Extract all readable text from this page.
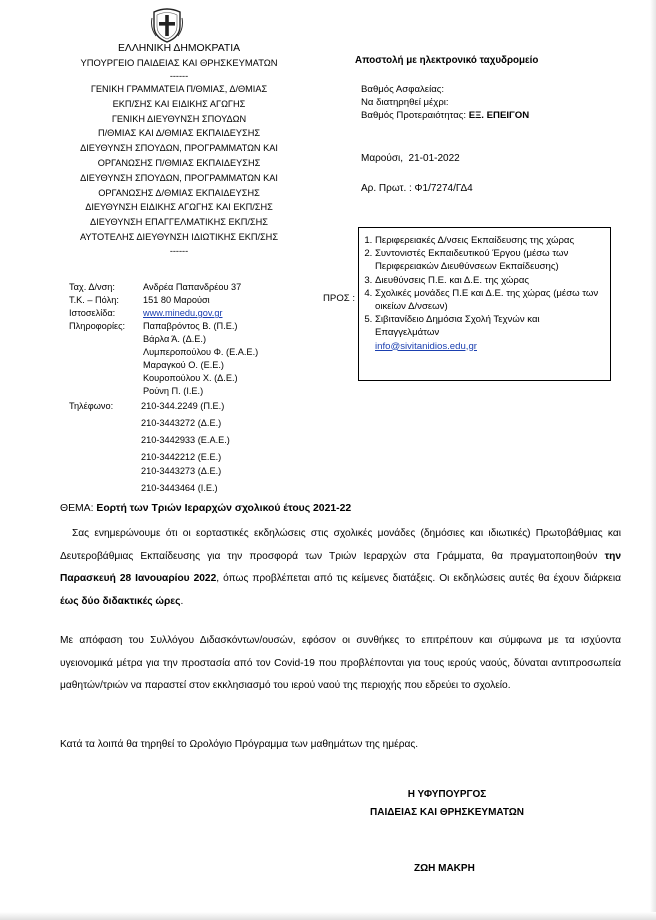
ΕΛΛΗΝΙΚΗ ΔΗΜΟΚΡΑΤΙΑ
ΥΠΟΥΡΓΕΙΟ ΠΑΙΔΕΙΑΣ ΚΑΙ ΘΡΗΣΚΕΥΜΑΤΩΝ
------
ΓΕΝΙΚΗ ΓΡΑΜΜΑΤΕΙΑ Π/ΘΜΙΑΣ, Δ/ΘΜΙΑΣ
ΕΚΠ/ΣΗΣ ΚΑΙ ΕΙΔΙΚΗΣ ΑΓΩΓΗΣ
ΓΕΝΙΚΗ ΔΙΕΥΘΥΝΣΗ ΣΠΟΥΔΩΝ
Π/ΘΜΙΑΣ ΚΑΙ Δ/ΘΜΙΑΣ ΕΚΠΑΙΔΕΥΣΗΣ
ΔΙΕΥΘΥΝΣΗ ΣΠΟΥΔΩΝ, ΠΡΟΓΡΑΜΜΑΤΩΝ ΚΑΙ
ΟΡΓΑΝΩΣΗΣ Π/ΘΜΙΑΣ ΕΚΠΑΙΔΕΥΣΗΣ
ΔΙΕΥΘΥΝΣΗ ΣΠΟΥΔΩΝ, ΠΡΟΓΡΑΜΜΑΤΩΝ ΚΑΙ
ΟΡΓΑΝΩΣΗΣ Δ/ΘΜΙΑΣ ΕΚΠΑΙΔΕΥΣΗΣ
ΔΙΕΥΘΥΝΣΗ ΕΙΔΙΚΗΣ ΑΓΩΓΗΣ ΚΑΙ ΕΚΠ/ΣΗΣ
ΔΙΕΥΘΥΝΣΗ ΕΠΑΓΓΕΛΜΑΤΙΚΗΣ ΕΚΠ/ΣΗΣ
ΑΥΤΟΤΕΛΗΣ ΔΙΕΥΘΥΝΣΗ ΙΔΙΩΤΙΚΗΣ ΕΚΠ/ΣΗΣ
------
Ταχ. Δ/νση:	Ανδρέα Παπανδρέου 37
Τ.Κ. – Πόλη:	151 80 Μαρούσι
Ιστοσελίδα:	www.minedu.gov.gr
Πληροφορίες: Παπαβρόντος Β. (Π.Ε.)
Βάρλα Ά. (Δ.Ε.)
Λυμπεροπούλου Φ. (Ε.Α.Ε.)
Μαραγκού Ο. (Ε.Ε.)
Κουροπούλου Χ. (Δ.Ε.)
Ρούνη Π. (Ι.Ε.)
Τηλέφωνο:	210-344.2249 (Π.Ε.)
210-3443272 (Δ.Ε.)
210-3442933 (Ε.Α.Ε.)
210-3442212 (Ε.Ε.)
210-3443273 (Δ.Ε.)
210-3443464 (Ι.Ε.)
Αποστολή με ηλεκτρονικό ταχυδρομείο
Βαθμός Ασφαλείας:
Να διατηρηθεί μέχρι:
Βαθμός Προτεραιότητας: ΕΞ. ΕΠΕΙΓΟΝ
Μαρούσι,  21-01-2022
Αρ. Πρωτ. : Φ1/7274/ΓΔ4
ΠΡΟΣ :
1. Περιφερειακές Δ/νσεις Εκπαίδευσης της χώρας
2. Συντονιστές Εκπαιδευτικού Έργου (μέσω των Περιφερειακών Διευθύνσεων Εκπαίδευσης)
3. Διευθύνσεις Π.Ε. και Δ.Ε. της χώρας
4. Σχολικές μονάδες Π.Ε και Δ.Ε. της χώρας (μέσω των οικείων Δ/νσεων)
5. Σιβιτανίδειο Δημόσια Σχολή Τεχνών και Επαγγελμάτων
info@sivitanidios.edu,gr
ΘΕΜΑ: Εορτή των Τριών Ιεραρχών σχολικού έτους 2021-22
Σας ενημερώνουμε ότι οι εορταστικές εκδηλώσεις στις σχολικές μονάδες (δημόσιες και ιδιωτικές) Πρωτοβάθμιας και Δευτεροβάθμιας Εκπαίδευσης για την προσφορά των Τριών Ιεραρχών στα Γράμματα, θα πραγματοποιηθούν την Παρασκευή 28 Ιανουαρίου 2022, όπως προβλέπεται από τις κείμενες διατάξεις. Οι εκδηλώσεις αυτές θα έχουν διάρκεια έως δύο διδακτικές ώρες.
Με απόφαση του Συλλόγου Διδασκόντων/ουσών, εφόσον οι συνθήκες το επιτρέπουν και σύμφωνα με τα ισχύοντα υγειονομικά μέτρα για την προστασία από τον Covid-19 που προβλέπονται για τους ιερούς ναούς, δύναται αντιπροσωπεία μαθητών/τριών να παραστεί στον εκκλησιασμό του ιερού ναού της περιοχής που εδρεύει το σχολείο.
Κατά τα λοιπά θα τηρηθεί το Ωρολόγιο Πρόγραμμα των μαθημάτων της ημέρας.
Η ΥΦΥΠΟΥΡΓΟΣ
ΠΑΙΔΕΙΑΣ ΚΑΙ ΘΡΗΣΚΕΥΜΑΤΩΝ
ΖΩΗ ΜΑΚΡΗ
